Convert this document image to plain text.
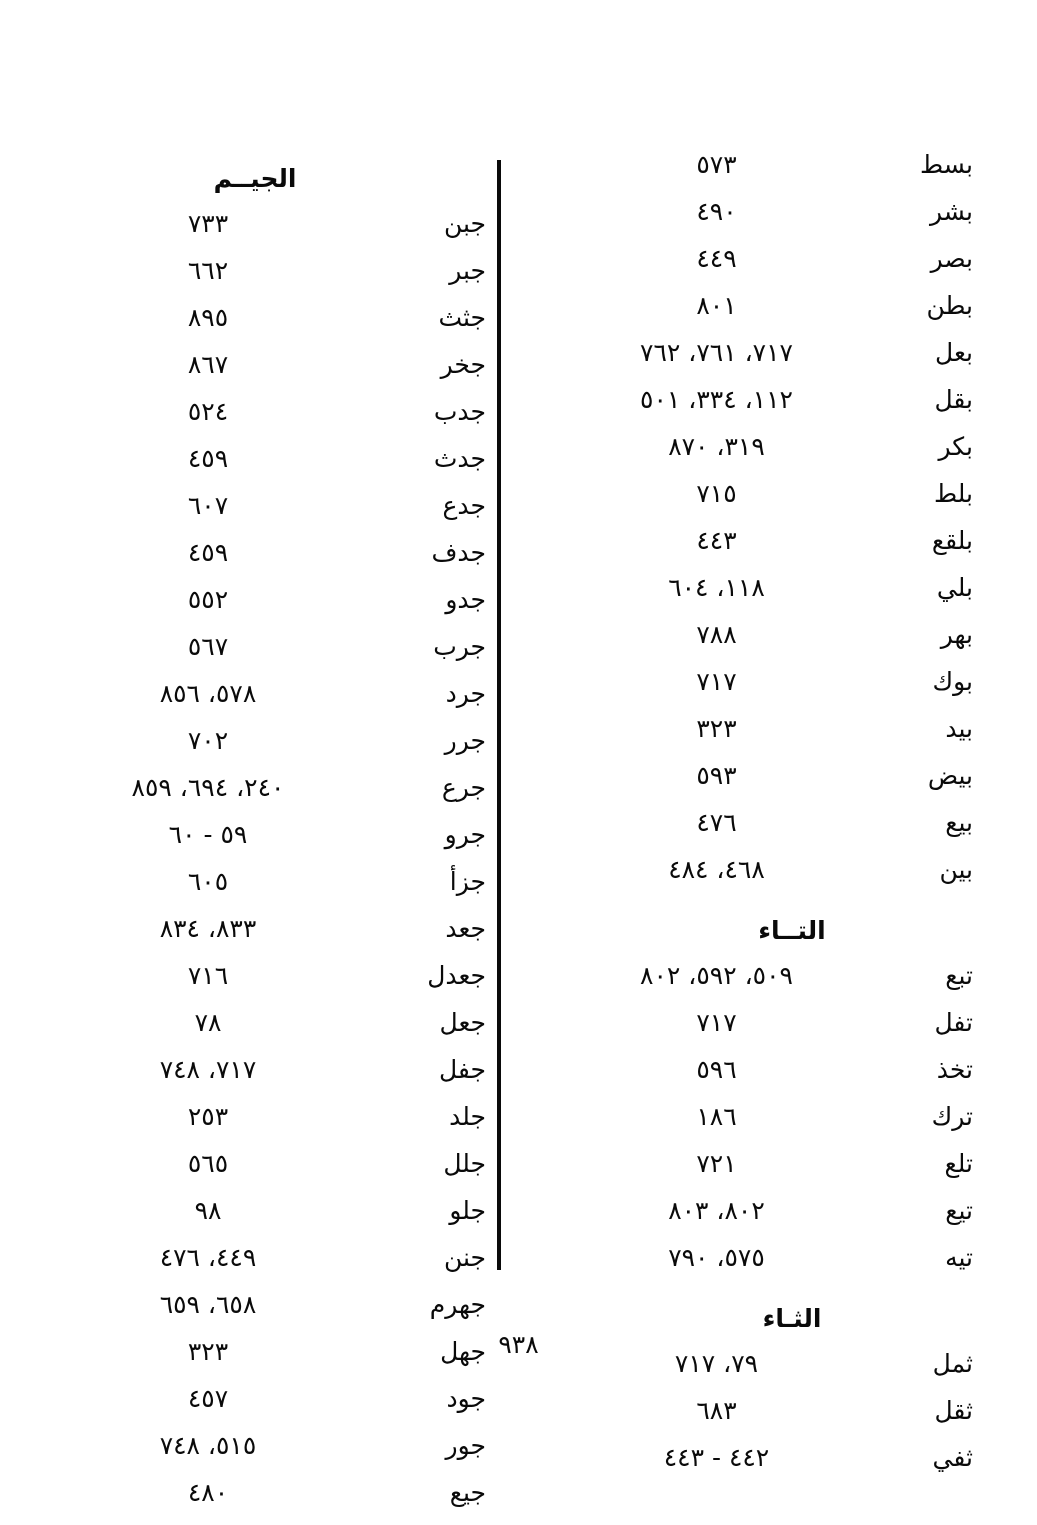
بسط
٥٧٣
بشر
٤٩٠
بصر
٤٤٩
بطن
٨٠١
بعل
٧١٧، ٧٦١، ٧٦٢
بقل
١١٢، ٣٣٤، ٥٠١
بكر
٣١٩، ٨٧٠
بلط
٧١٥
بلقع
٤٤٣
بلي
١١٨، ٦٠٤
بهر
٧٨٨
بوك
٧١٧
بيد
٣٢٣
بيض
٥٩٣
بيع
٤٧٦
بين
٤٦٨، ٤٨٤
التــاء
تبع
٥٠٩، ٥٩٢، ٨٠٢
تفل
٧١٧
تخذ
٥٩٦
ترك
١٨٦
تلع
٧٢١
تيع
٨٠٢، ٨٠٣
تيه
٥٧٥، ٧٩٠
الثـاء
ثمل
٧٩، ٧١٧
ثقل
٦٨٣
ثفي
٤٤٢ - ٤٤٣
الجيــم
جبن
٧٣٣
جبر
٦٦٢
جثث
٨٩٥
جخر
٨٦٧
جدب
٥٢٤
جدث
٤٥٩
جدع
٦٠٧
جدف
٤٥٩
جدو
٥٥٢
جرب
٥٦٧
جرد
٥٧٨، ٨٥٦
جرر
٧٠٢
جرع
٢٤٠، ٦٩٤، ٨٥٩
جرو
٥٩ - ٦٠
جزأ
٦٠٥
جعد
٨٣٣، ٨٣٤
جعدل
٧١٦
جعل
٧٨
جفل
٧١٧، ٧٤٨
جلد
٢٥٣
جلل
٥٦٥
جلو
٩٨
جنن
٤٤٩، ٤٧٦
جهرم
٦٥٨، ٦٥٩
جهل
٣٢٣
جود
٤٥٧
جور
٥١٥، ٧٤٨
جيع
٤٨٠
٩٣٨
